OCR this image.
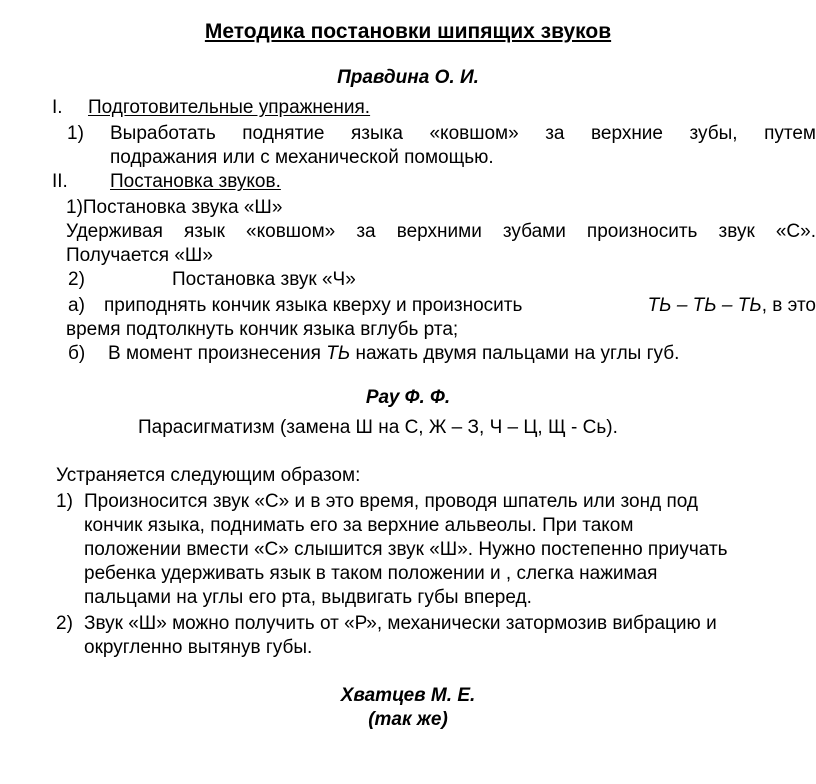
Методика постановки шипящих звуков
Правдина О. И.
I. Подготовительные упражнения.
1) Выработать поднятие языка «ковшом» за верхние зубы, путем
подражания или с механической помощью.
II. Постановка звуков.
1)Постановка звука «Ш»
Удерживая язык «ковшом» за верхними зубами произносить звук «С».
Получается «Ш»
2)	Постановка звук «Ч»
а) приподнять кончик языка кверху и произносить	ТЬ – ТЬ – ТЬ , в это
время подтолкнуть кончик языка вглубь рта;
б) В момент произнесения ТЬ нажать двумя пальцами на углы губ.
Рау Ф. Ф.
Парасигматизм (замена Ш на С, Ж – З, Ч – Ц, Щ - Сь).
Устраняется следующим образом:
1) Произносится звук «С» и в это время, проводя шпатель или зонд под
кончик языка, поднимать его за верхние альвеолы. При таком
положении вмести «С» слышится звук «Ш». Нужно постепенно приучать
ребенка удерживать язык в таком положении и , слегка нажимая
пальцами на углы его рта, выдвигать губы вперед.
2) Звук «Ш» можно получить от «Р», механически затормозив вибрацию и
округленно вытянув губы.
Хватцев М. Е.
(так же)
